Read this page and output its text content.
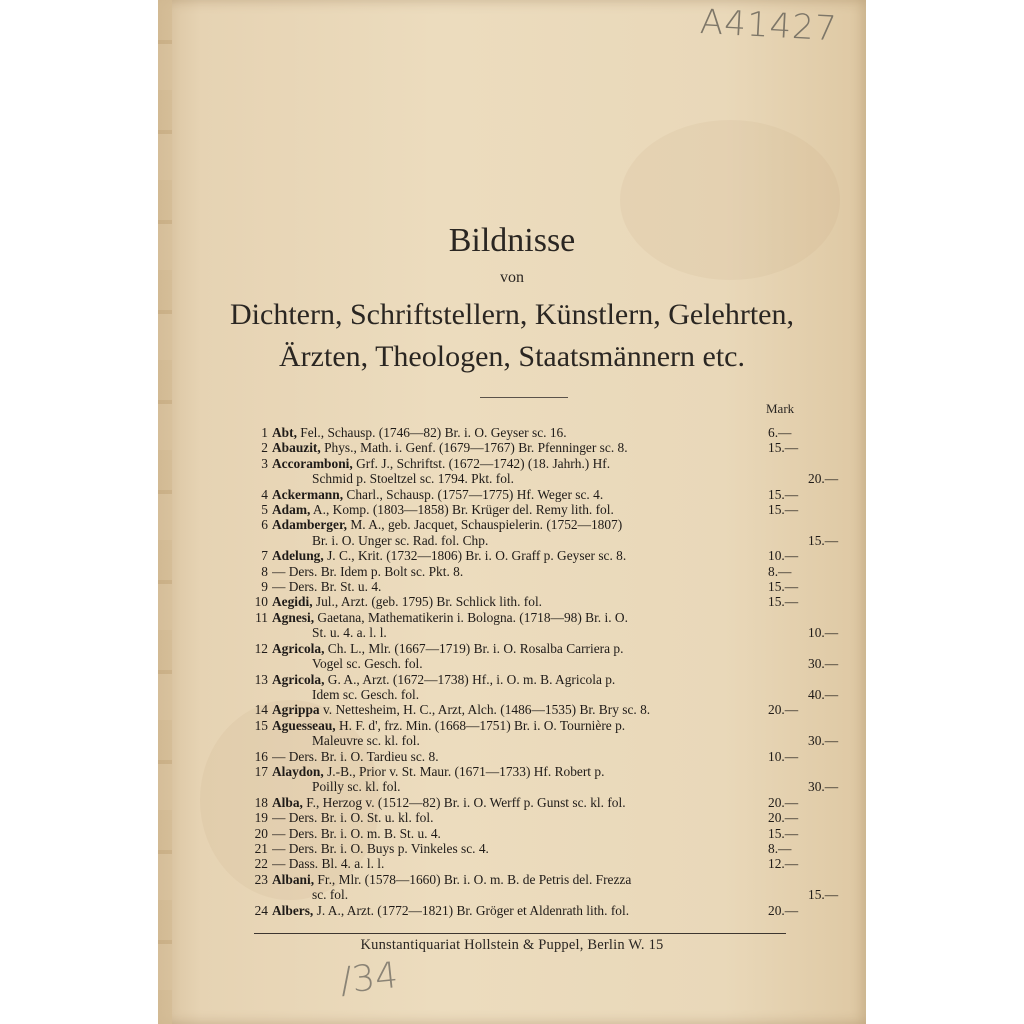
A41427
Bildnisse
von
Dichtern, Schriftstellern, Künstlern, Gelehrten,
Ärzten, Theologen, Staatsmännern etc.
Mark
1 Abt, Fel., Schausp. (1746—82) Br. i. O. Geyser sc. 16.	6.—
2 Abauzit, Phys., Math. i. Genf. (1679—1767) Br. Pfenninger sc. 8.	15.—
3 Accoramboni, Grf. J., Schriftst. (1672—1742) (18. Jahrh.) Hf.
Schmid p. Stoeltzel sc. 1794. Pkt. fol.	20.—
4 Ackermann, Charl., Schausp. (1757—1775) Hf. Weger sc. 4.	15.—
5 Adam, A., Komp. (1803—1858) Br. Krüger del. Remy lith. fol.	15.—
6 Adamberger, M. A., geb. Jacquet, Schauspielerin. (1752—1807)
Br. i. O. Unger sc. Rad. fol. Chp.	15.—
7 Adelung, J. C., Krit. (1732—1806) Br. i. O. Graff p. Geyser sc. 8.	10.—
8 — Ders. Br. Idem p. Bolt sc. Pkt. 8.	8.—
9 — Ders. Br. St. u. 4.	15.—
10 Aegidi, Jul., Arzt. (geb. 1795) Br. Schlick lith. fol.	15.—
11 Agnesi, Gaetana, Mathematikerin i. Bologna. (1718—98) Br. i. O.
St. u. 4. a. l. l.	10.—
12 Agricola, Ch. L., Mlr. (1667—1719) Br. i. O. Rosalba Carriera p.
Vogel sc. Gesch. fol.	30.—
13 Agricola, G. A., Arzt. (1672—1738) Hf., i. O. m. B. Agricola p.
Idem sc. Gesch. fol.	40.—
14 Agrippa v. Nettesheim, H. C., Arzt, Alch. (1486—1535) Br. Bry sc. 8.	20.—
15 Aguesseau, H. F. d', frz. Min. (1668—1751) Br. i. O. Tournière p.
Maleuvre sc. kl. fol.	30.—
16 — Ders. Br. i. O. Tardieu sc. 8.	10.—
17 Alaydon, J.-B., Prior v. St. Maur. (1671—1733) Hf. Robert p.
Poilly sc. kl. fol.	30.—
18 Alba, F., Herzog v. (1512—82) Br. i. O. Werff p. Gunst sc. kl. fol.	20.—
19 — Ders. Br. i. O. St. u. kl. fol.	20.—
20 — Ders. Br. i. O. m. B. St. u. 4.	15.—
21 — Ders. Br. i. O. Buys p. Vinkeles sc. 4.	8.—
22 — Dass. Bl. 4. a. l. l.	12.—
23 Albani, Fr., Mlr. (1578—1660) Br. i. O. m. B. de Petris del. Frezza
sc. fol.	15.—
24 Albers, J. A., Arzt. (1772—1821) Br. Gröger et Aldenrath lith. fol.	20.—
Kunstantiquariat Hollstein & Puppel, Berlin W. 15
/34
